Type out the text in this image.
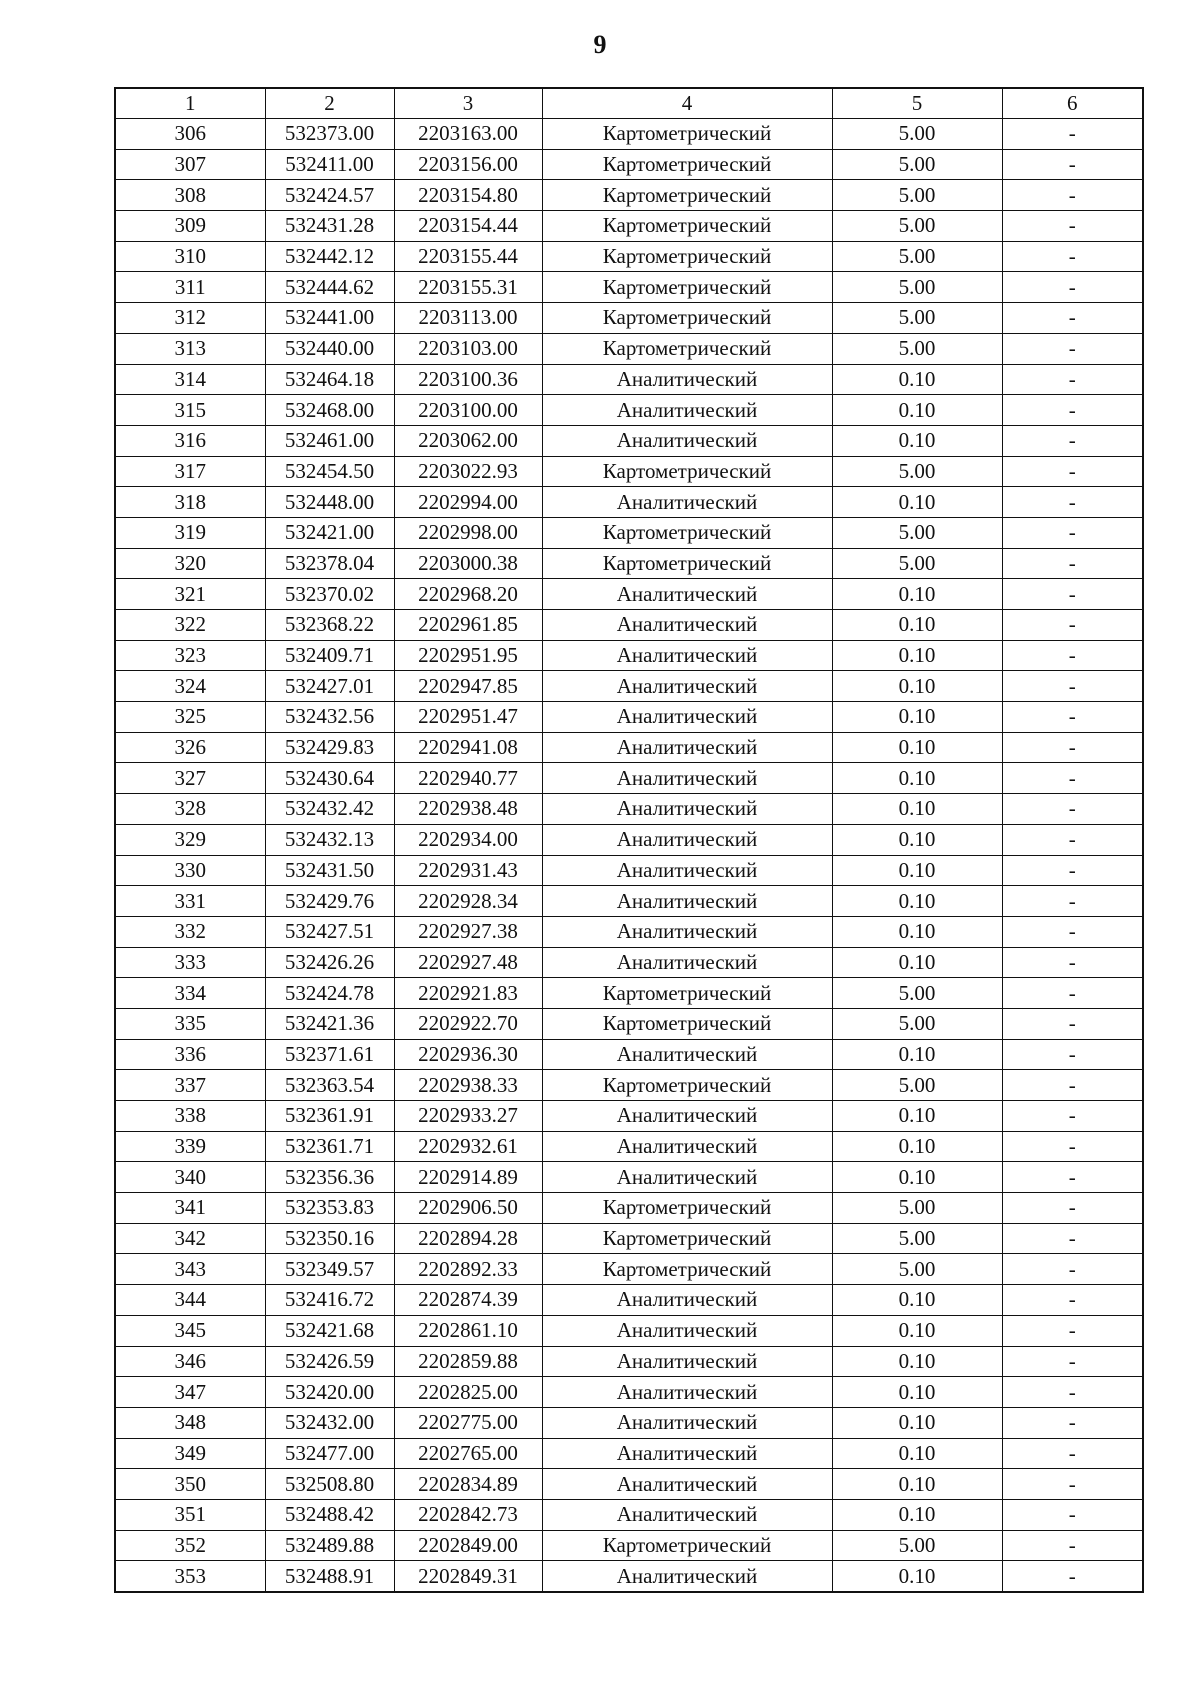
9
1	2	3	4	5	6
306	532373.00	2203163.00	Картометрический	5.00	-
307	532411.00	2203156.00	Картометрический	5.00	-
308	532424.57	2203154.80	Картометрический	5.00	-
309	532431.28	2203154.44	Картометрический	5.00	-
310	532442.12	2203155.44	Картометрический	5.00	-
311	532444.62	2203155.31	Картометрический	5.00	-
312	532441.00	2203113.00	Картометрический	5.00	-
313	532440.00	2203103.00	Картометрический	5.00	-
314	532464.18	2203100.36	Аналитический	0.10	-
315	532468.00	2203100.00	Аналитический	0.10	-
316	532461.00	2203062.00	Аналитический	0.10	-
317	532454.50	2203022.93	Картометрический	5.00	-
318	532448.00	2202994.00	Аналитический	0.10	-
319	532421.00	2202998.00	Картометрический	5.00	-
320	532378.04	2203000.38	Картометрический	5.00	-
321	532370.02	2202968.20	Аналитический	0.10	-
322	532368.22	2202961.85	Аналитический	0.10	-
323	532409.71	2202951.95	Аналитический	0.10	-
324	532427.01	2202947.85	Аналитический	0.10	-
325	532432.56	2202951.47	Аналитический	0.10	-
326	532429.83	2202941.08	Аналитический	0.10	-
327	532430.64	2202940.77	Аналитический	0.10	-
328	532432.42	2202938.48	Аналитический	0.10	-
329	532432.13	2202934.00	Аналитический	0.10	-
330	532431.50	2202931.43	Аналитический	0.10	-
331	532429.76	2202928.34	Аналитический	0.10	-
332	532427.51	2202927.38	Аналитический	0.10	-
333	532426.26	2202927.48	Аналитический	0.10	-
334	532424.78	2202921.83	Картометрический	5.00	-
335	532421.36	2202922.70	Картометрический	5.00	-
336	532371.61	2202936.30	Аналитический	0.10	-
337	532363.54	2202938.33	Картометрический	5.00	-
338	532361.91	2202933.27	Аналитический	0.10	-
339	532361.71	2202932.61	Аналитический	0.10	-
340	532356.36	2202914.89	Аналитический	0.10	-
341	532353.83	2202906.50	Картометрический	5.00	-
342	532350.16	2202894.28	Картометрический	5.00	-
343	532349.57	2202892.33	Картометрический	5.00	-
344	532416.72	2202874.39	Аналитический	0.10	-
345	532421.68	2202861.10	Аналитический	0.10	-
346	532426.59	2202859.88	Аналитический	0.10	-
347	532420.00	2202825.00	Аналитический	0.10	-
348	532432.00	2202775.00	Аналитический	0.10	-
349	532477.00	2202765.00	Аналитический	0.10	-
350	532508.80	2202834.89	Аналитический	0.10	-
351	532488.42	2202842.73	Аналитический	0.10	-
352	532489.88	2202849.00	Картометрический	5.00	-
353	532488.91	2202849.31	Аналитический	0.10	-
